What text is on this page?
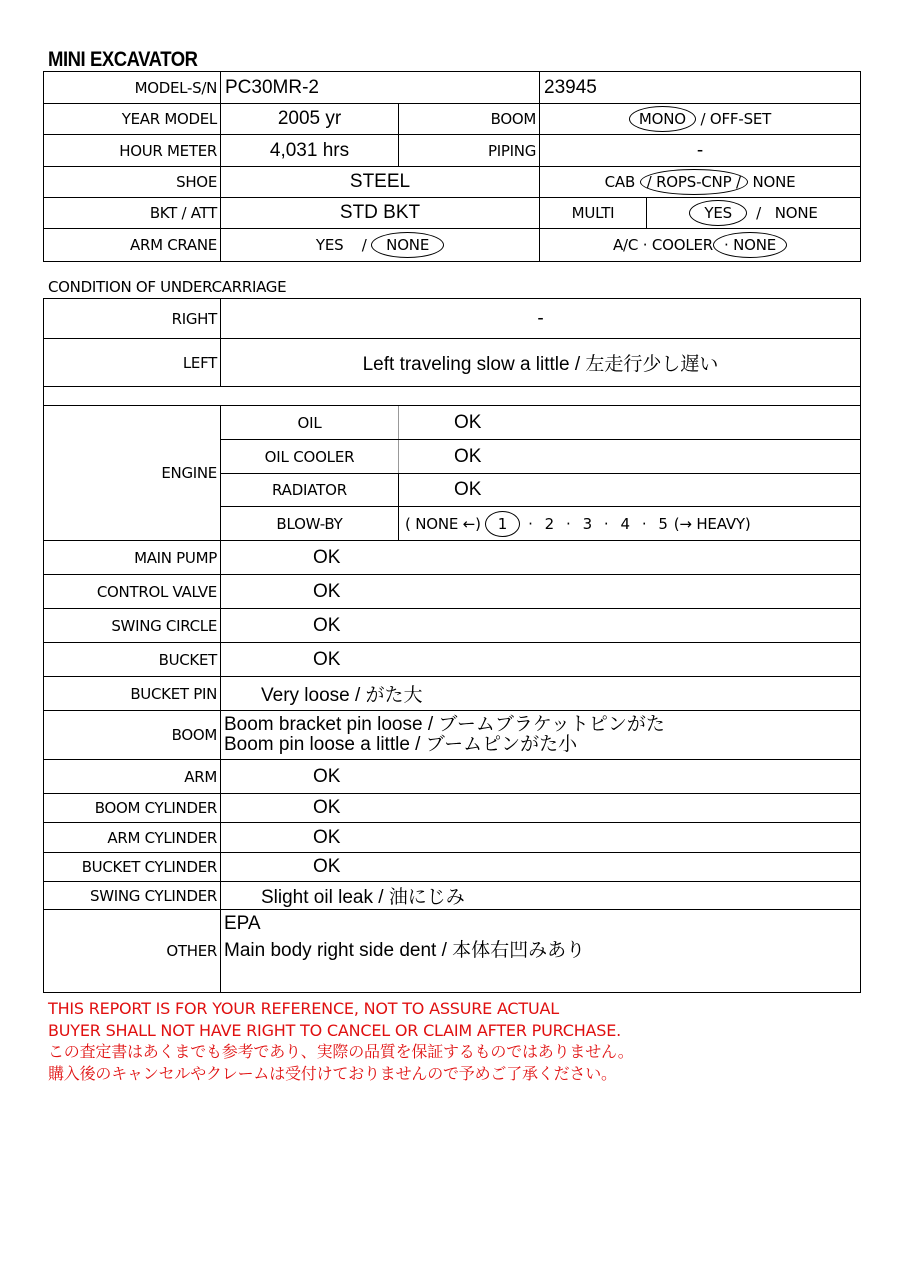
MINI EXCAVATOR
MODEL-S/N	PC30MR-2		23945	
YEAR MODEL	2005 yr	BOOM	MONO / OFF-SET	
HOUR METER	4,031 hrs	PIPING	-	
SHOE	STEEL		CAB / ROPS-CNP / NONE	
BKT / ATT	STD BKT		MULTI	YES / NONE
ARM CRANE	YES / NONE		A/C · COOLER · NONE	
CONDITION OF UNDERCARRIAGE
RIGHT	-	
LEFT	Left traveling slow a little / 左走行少し遅い	

ENGINE	OIL	OK
	OIL COOLER	OK
	RADIATOR	OK
	BLOW-BY	( NONE ←) 1 · 2 · 3 · 4 · 5 (→ HEAVY)
MAIN PUMP	OK	
CONTROL VALVE	OK	
SWING CIRCLE	OK	
BUCKET	OK	
BUCKET PIN	Very loose / がた大	
BOOM	Boom bracket pin loose / ブームブラケットピンがた
Boom pin loose a little / ブームピンがた小	

ARM	OK	
BOOM CYLINDER	OK	
ARM CYLINDER	OK	
BUCKET CYLINDER	OK	
SWING CYLINDER	Slight oil leak / 油にじみ	
OTHER	EPA
Main body right side dent / 本体右凹みあり	
THIS REPORT IS FOR YOUR REFERENCE, NOT TO ASSURE ACTUAL
BUYER SHALL NOT HAVE RIGHT TO CANCEL OR CLAIM AFTER PURCHASE.
この査定書はあくまでも参考であり、実際の品質を保証するものではありません。
購入後のキャンセルやクレームは受付けておりませんので予めご了承ください。
